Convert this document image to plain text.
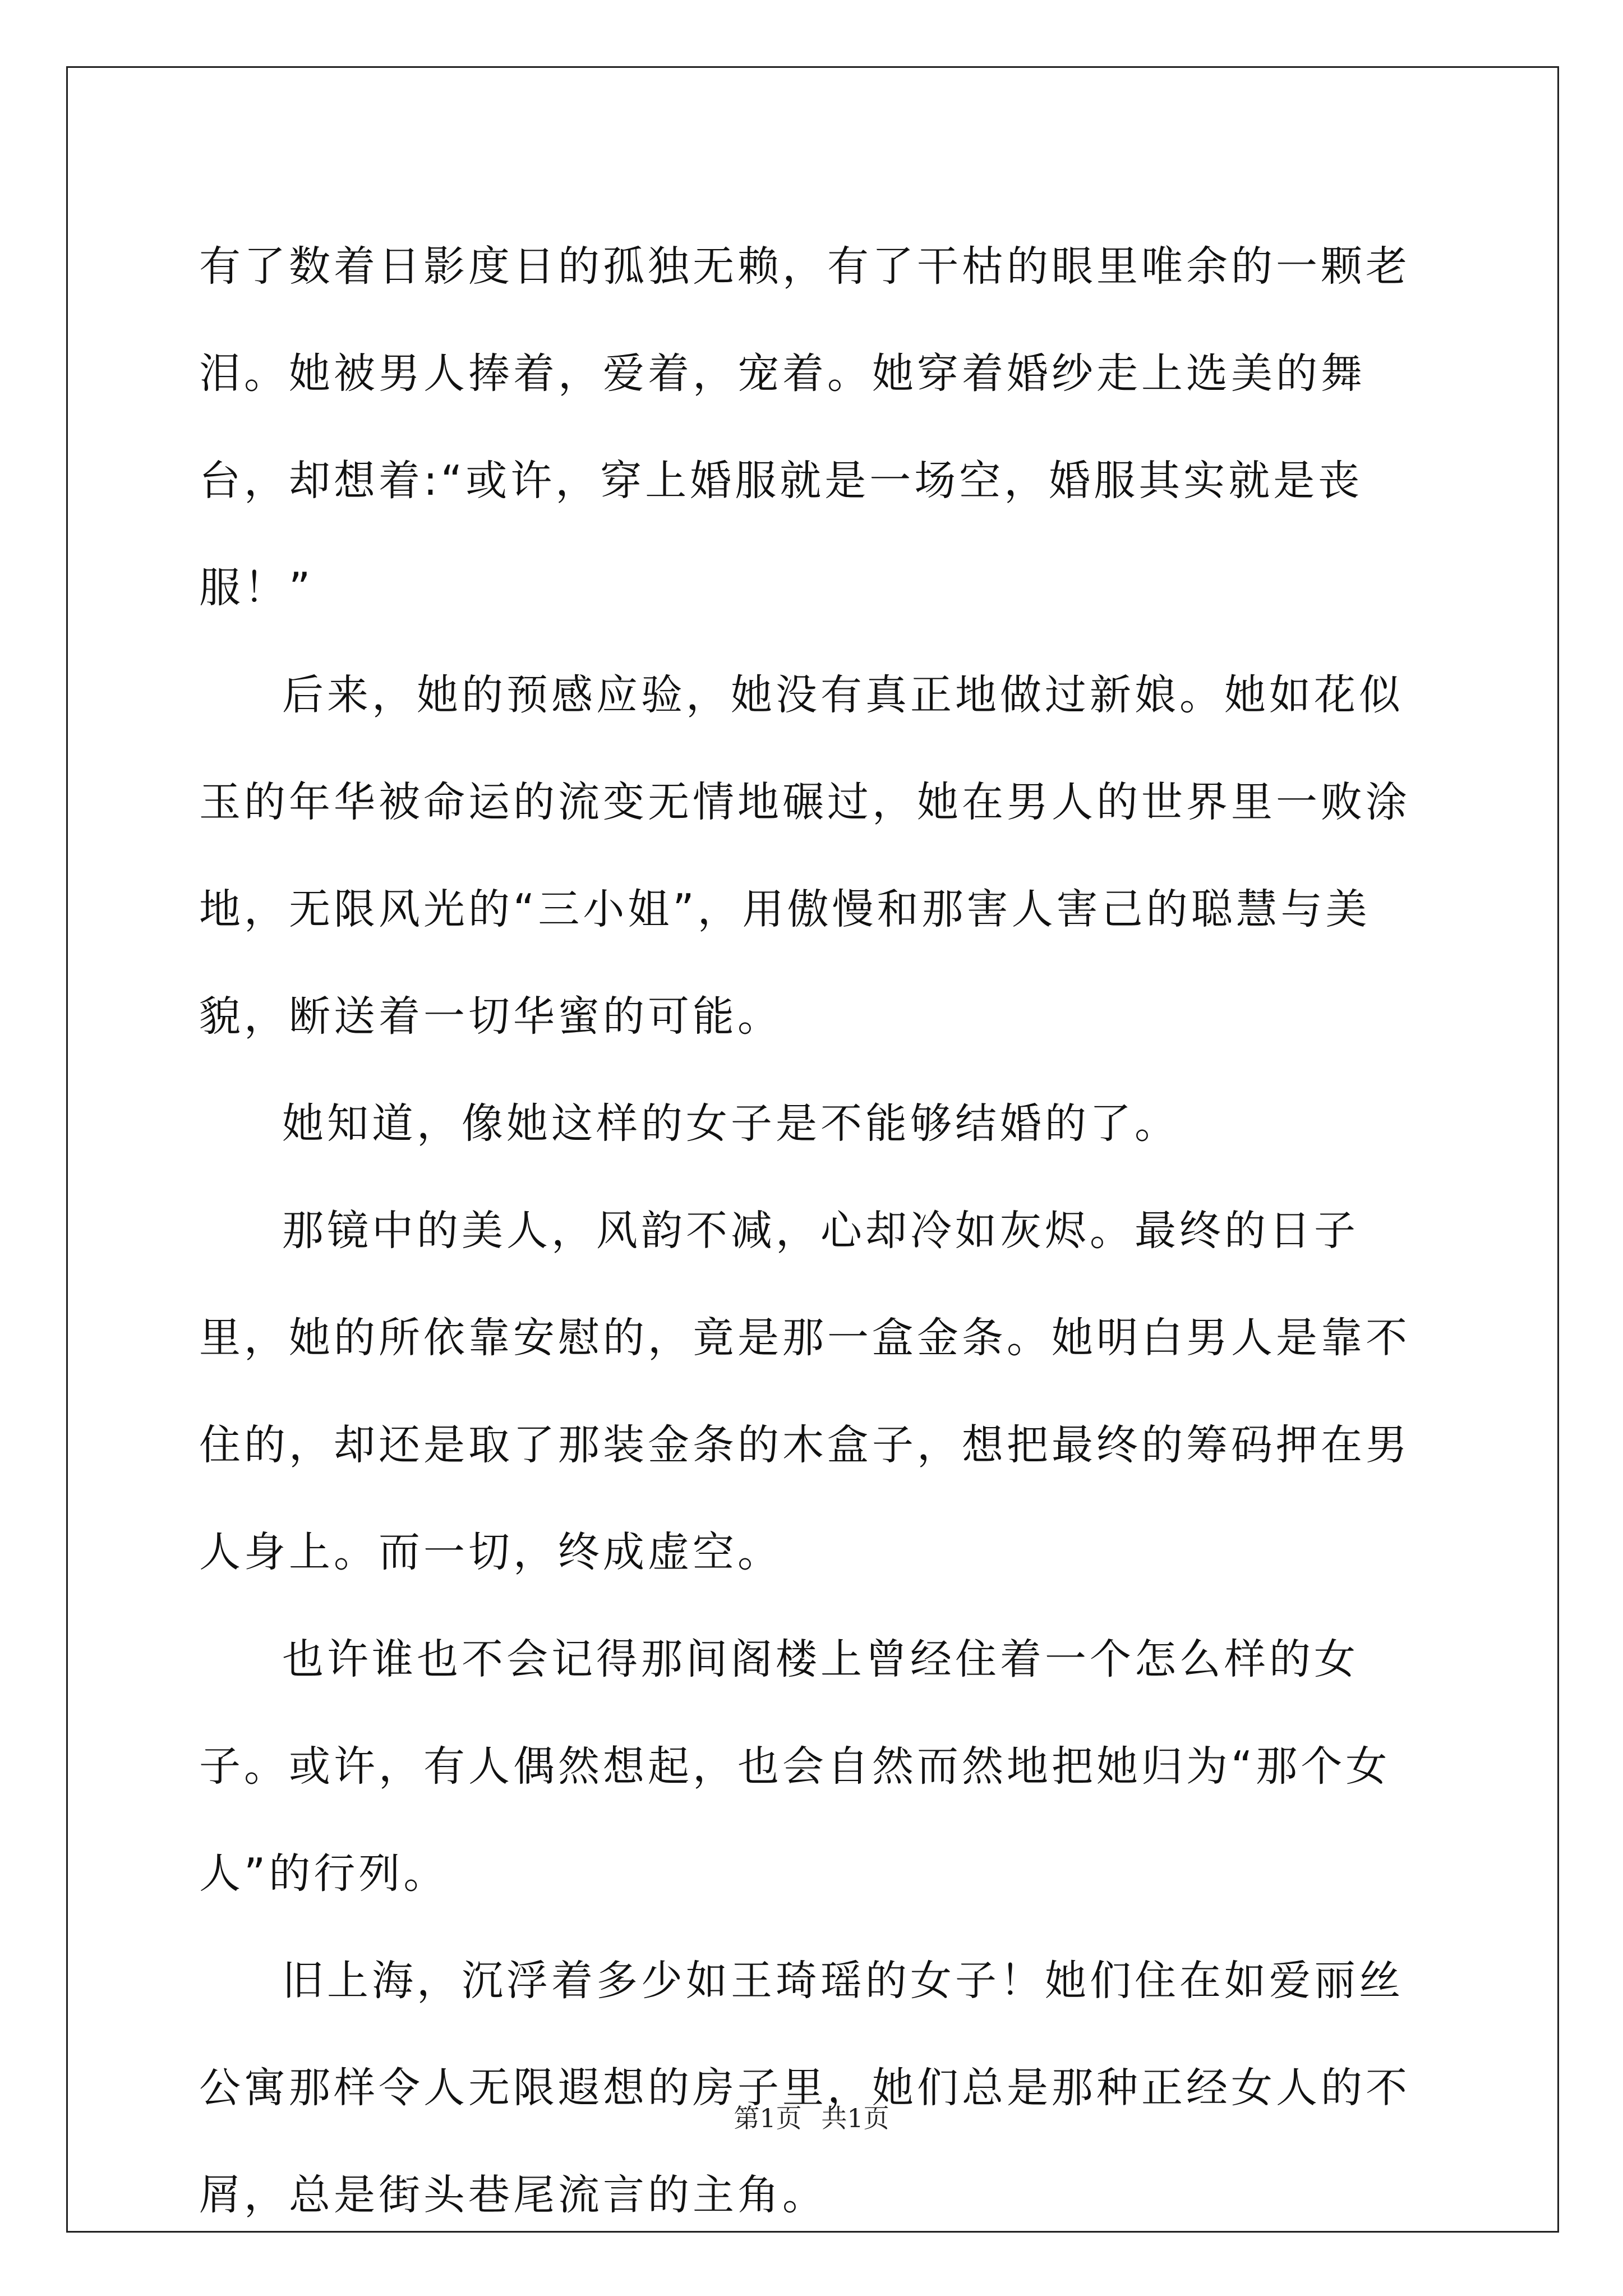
有了数着日影度日的孤独无赖，有了干枯的眼里唯余的一颗老泪。她被男人捧着，爱着，宠着。她穿着婚纱走上选美的舞台，却想着:“或许，穿上婚服就是一场空，婚服其实就是丧服！”

后来，她的预感应验，她没有真正地做过新娘。她如花似玉的年华被命运的流变无情地碾过，她在男人的世界里一败涂地，无限风光的“三小姐”，用傲慢和那害人害己的聪慧与美貌，断送着一切华蜜的可能。

她知道，像她这样的女子是不能够结婚的了。

那镜中的美人，风韵不减，心却冷如灰烬。最终的日子里，她的所依靠安慰的，竟是那一盒金条。她明白男人是靠不住的，却还是取了那装金条的木盒子，想把最终的筹码押在男人身上。而一切，终成虚空。

也许谁也不会记得那间阁楼上曾经住着一个怎么样的女子。或许，有人偶然想起，也会自然而然地把她归为“那个女人”的行列。

旧上海，沉浮着多少如王琦瑶的女子！她们住在如爱丽丝公寓那样令人无限遐想的房子里，她们总是那种正经女人的不屑，总是街头巷尾流言的主角。

第1页 共1页
